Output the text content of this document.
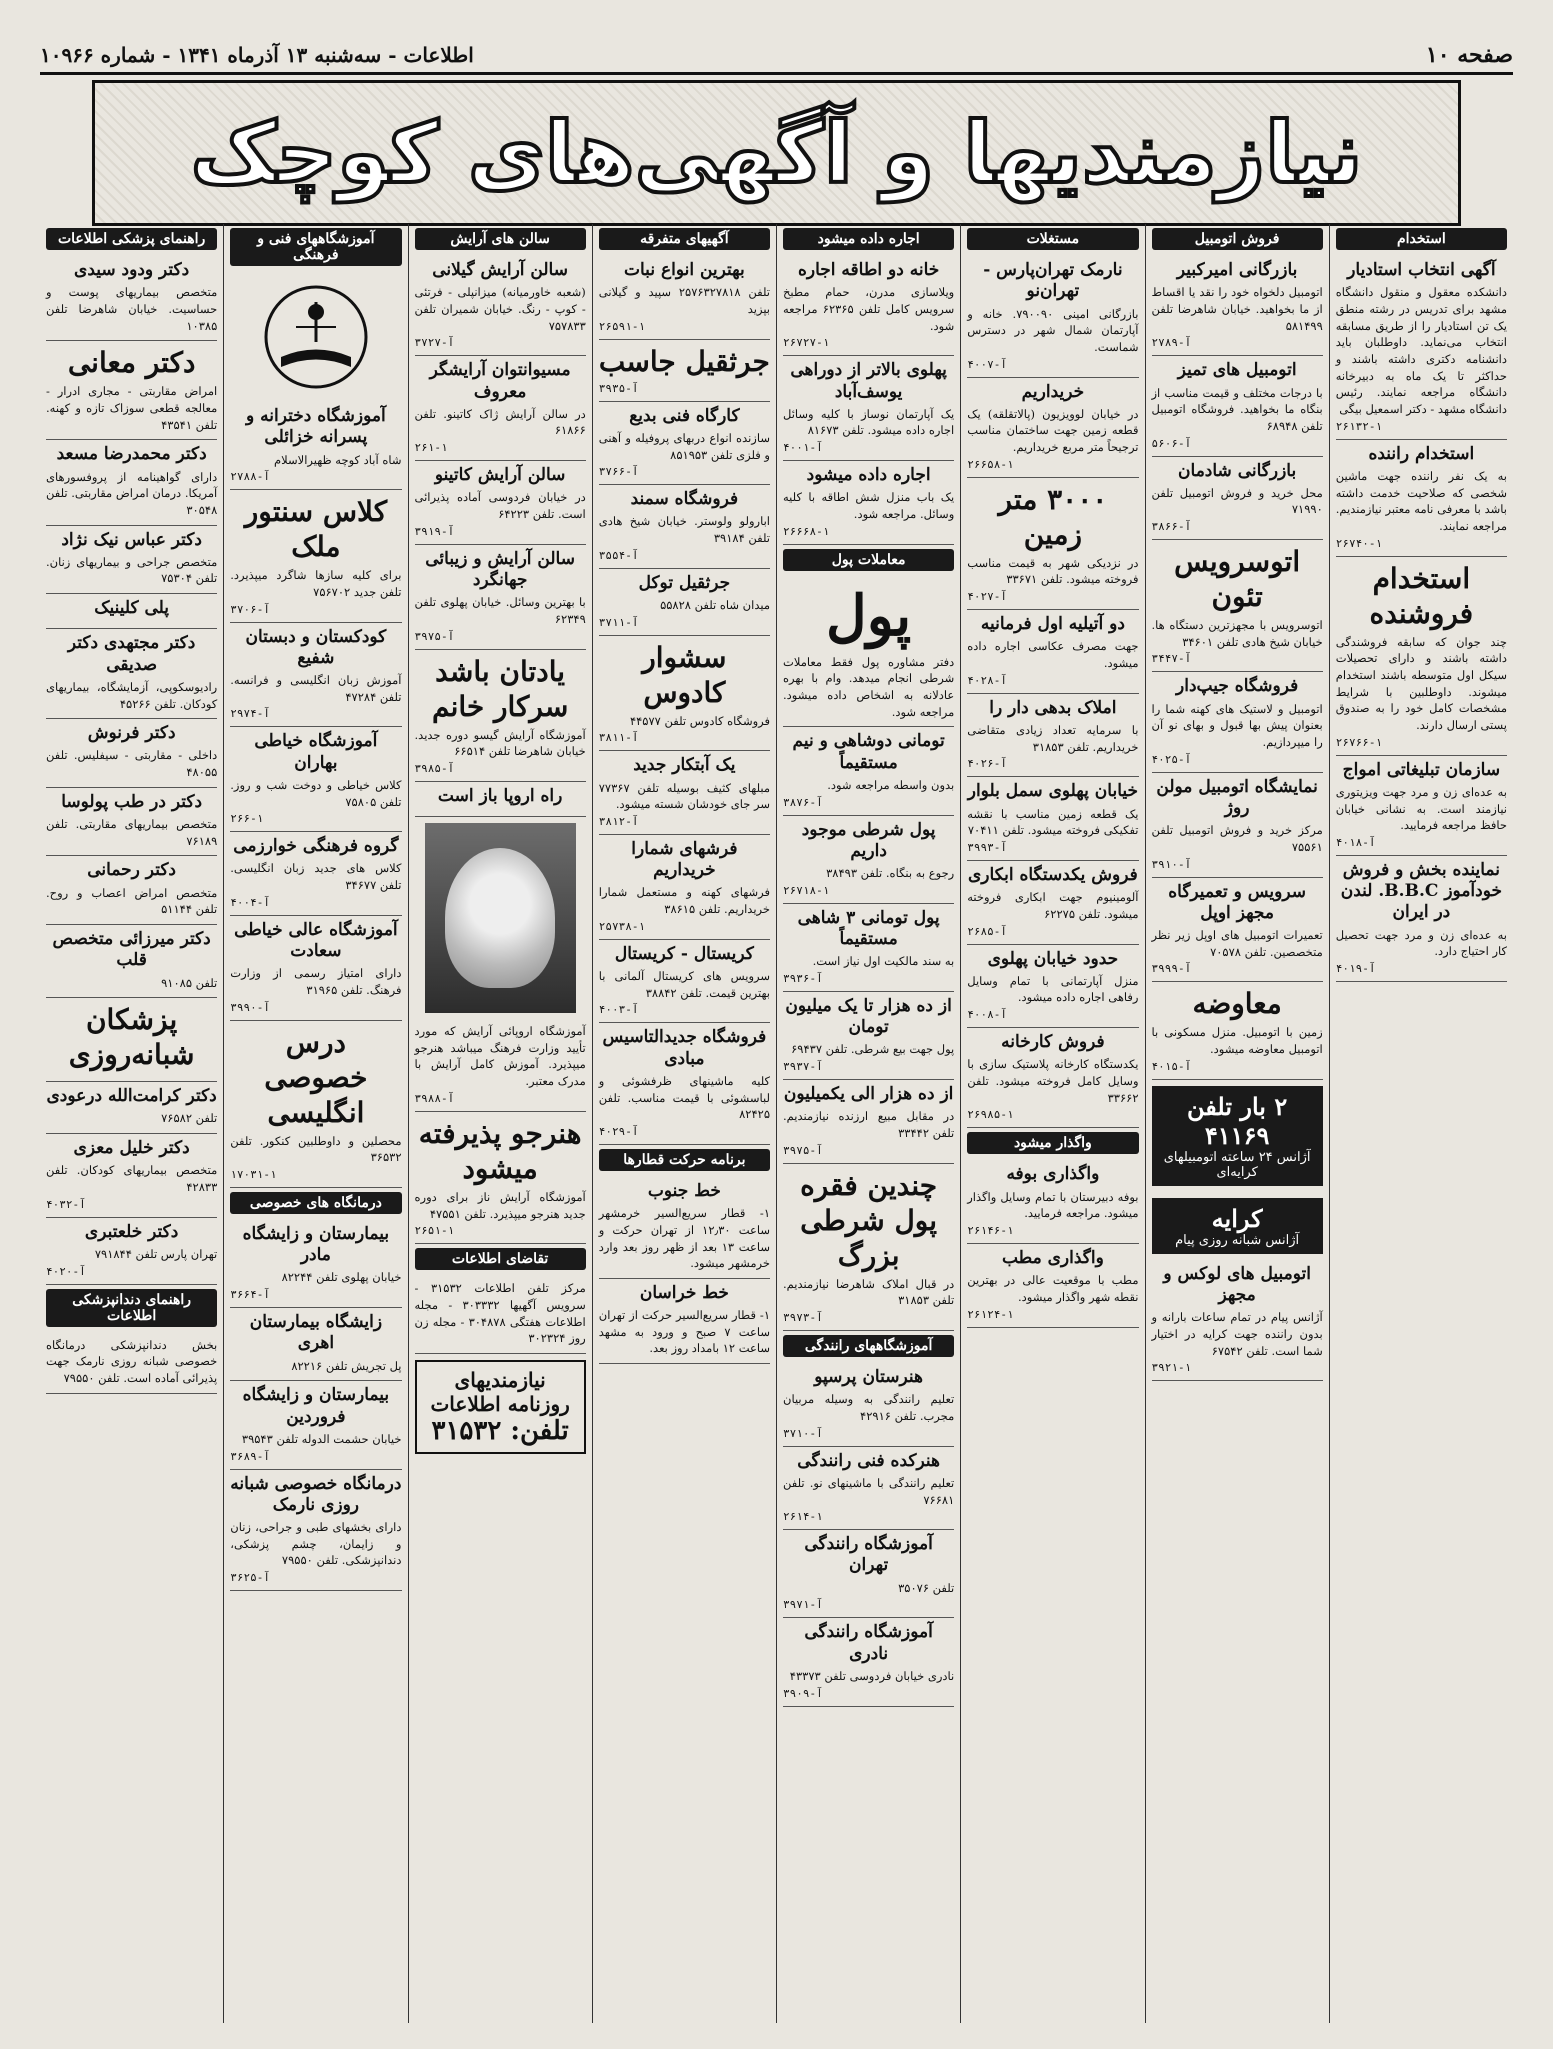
صفحه ۱۰
اطلاعات - سه‌شنبه ۱۳ آذرماه ۱۳۴۱ - شماره ۱۰۹۶۶
نیازمندیها و آگهی‌های کوچک
استخدام
آگهی انتخاب استادیار

دانشکده معقول و منقول دانشگاه مشهد برای تدریس در رشته منطق یک تن استادیار را از طریق مسابقه انتخاب می‌نماید. داوطلبان باید دانشنامه دکتری داشته باشند و حداکثر تا یک ماه به دبیرخانه دانشگاه مراجعه نمایند. رئیس دانشگاه مشهد - دکتر اسمعیل بیگی

۲۶۱۳۲-۱
استخدام راننده

به یک نفر راننده جهت ماشین شخصی که صلاحیت خدمت داشته باشد با معرفی نامه معتبر نیازمندیم. مراجعه نمایند.

۲۶۷۴۰-۱
استخدام فروشنده

چند جوان که سابقه فروشندگی داشته باشند و دارای تحصیلات سیکل اول متوسطه باشند استخدام میشوند. داوطلبین با شرایط مشخصات کامل خود را به صندوق پستی ارسال دارند.

۲۶۷۶۶-۱
سازمان تبلیغاتی امواج

به عده‌ای زن و مرد جهت ویزیتوری نیازمند است. به نشانی خیابان حافظ مراجعه فرمایید.

۴۰۱۸-آ
نماینده بخش و فروش خودآموز B.B.C. لندن در ایران

به عده‌ای زن و مرد جهت تحصیل کار احتیاج دارد.

۴۰۱۹-آ
فروش اتومبیل
بازرگانی امیرکبیر

اتومبیل دلخواه خود را نقد یا اقساط از ما بخواهید. خیابان شاهرضا تلفن ۵۸۱۴۹۹

۲۷۸۹-آ
اتومبیل های تمیز

با درجات مختلف و قیمت مناسب از بنگاه ما بخواهید. فروشگاه اتومبیل تلفن ۶۸۹۴۸

۵۶۰۶-آ
بازرگانی شادمان

محل خرید و فروش اتومبیل تلفن ۷۱۹۹۰

۳۸۶۶-آ
اتوسرویس تئون

اتوسرویس با مجهزترین دستگاه ها. خیابان شیخ هادی تلفن ۳۴۶۰۱

۳۴۴۷-آ
فروشگاه جیپ‌دار

اتومبیل و لاستیک های کهنه شما را بعنوان پیش بها قبول و بهای نو آن را میپردازیم.

۴۰۲۵-آ
نمایشگاه اتومبیل مولن روژ

مرکز خرید و فروش اتومبیل تلفن ۷۵۵۶۱

۳۹۱۰-آ
سرویس و تعمیرگاه مجهز اوپل

تعمیرات اتومبیل های اوپل زیر نظر متخصصین. تلفن ۷۰۵۷۸

۳۹۹۹-آ
معاوضه

زمین با اتومبیل. منزل مسکونی با اتومبیل معاوضه میشود.

۴۰۱۵-آ
۲ بار تلفن ۴۱۱۶۹
آژانس ۲۴ ساعته اتومبیلهای کرایه‌ای
کرایه
آژانس شبانه روزی پیام
اتومبیل های لوکس و مجهز

آژانس پیام در تمام ساعات بارانه و بدون راننده جهت کرایه در اختیار شما است. تلفن ۶۷۵۴۲

۳۹۲۱-۱
مستغلات
نارمک تهران‌پارس - تهران‌نو

بازرگانی امینی ۷۹۰۰۹۰. خانه و آپارتمان شمال شهر در دسترس شماست.

۴۰۰۷-آ
خریداریم

در خیابان لوویزیون (پالاتقلقه) یک قطعه زمین جهت ساختمان مناسب ترجیحاً متر مربع خریداریم.

۲۶۶۵۸-۱
۳۰۰۰ متر زمین

در نزدیکی شهر به قیمت مناسب فروخته میشود. تلفن ۳۳۶۷۱

۴۰۲۷-آ
دو آتیلیه اول فرمانیه

جهت مصرف عکاسی اجاره داده میشود.

۴۰۲۸-آ
املاک بدهی دار را

با سرمایه تعداد زیادی متقاضی خریداریم. تلفن ۳۱۸۵۳

۴۰۲۶-آ
خیابان پهلوی سمل بلوار

یک قطعه زمین مناسب با نقشه تفکیکی فروخته میشود. تلفن ۷۰۴۱۱

۳۹۹۳-آ
فروش یکدستگاه ابکاری

آلومینیوم جهت ابکاری فروخته میشود. تلفن ۶۲۲۷۵

۲۶۸۵-آ
حدود خیابان پهلوی

منزل آپارتمانی با تمام وسایل رفاهی اجاره داده میشود.

۴۰۰۸-آ
فروش کارخانه

یکدستگاه کارخانه پلاستیک سازی با وسایل کامل فروخته میشود. تلفن ۳۳۶۶۲

۲۶۹۸۵-۱
واگذار میشود
واگذاری بوفه

بوفه دبیرستان با تمام وسایل واگذار میشود. مراجعه فرمایید.

۲۶۱۴۶-۱
واگذاری مطب

مطب با موقعیت عالی در بهترین نقطه شهر واگذار میشود.

۲۶۱۲۴-۱
اجاره داده میشود
خانه دو اطاقه اجاره

ویلاسازی مدرن، حمام مطبخ سرویس کامل تلفن ۶۲۳۶۵ مراجعه شود.

۲۶۷۲۷-۱
پهلوی بالاتر از دوراهی یوسف‌آباد

یک آپارتمان نوساز با کلیه وسائل اجاره داده میشود. تلفن ۸۱۶۷۳

۴۰۰۱-آ
اجاره داده میشود

یک باب منزل شش اطاقه با کلیه وسائل. مراجعه شود.

۲۶۶۶۸-۱
معاملات پول
پول

دفتر مشاوره پول فقط معاملات شرطی انجام میدهد. وام با بهره عادلانه به اشخاص داده میشود. مراجعه شود.

تومانی دوشاهی و نیم مستقیماً

بدون واسطه مراجعه شود.

۳۸۷۶-آ
پول شرطی موجود داریم

رجوع به بنگاه. تلفن ۳۸۴۹۳

۲۶۷۱۸-۱
پول تومانی ۳ شاهی مستقیماً

به سند مالکیت اول نیاز است.

۳۹۳۶-آ
از ده هزار تا یک میلیون تومان

پول جهت بیع شرطی. تلفن ۶۹۴۳۷

۳۹۳۷-آ
از ده هزار الی یکمیلیون

در مقابل مبیع ارزنده نیازمندیم. تلفن ۳۳۴۴۲

۳۹۷۵-آ
چندین فقره پول شرطی بزرگ

در قبال املاک شاهرضا نیازمندیم. تلفن ۳۱۸۵۳

۳۹۷۳-آ
آموزشگاههای رانندگی
هنرستان پرسپو

تعلیم رانندگی به وسیله مربیان مجرب. تلفن ۴۲۹۱۶

۳۷۱۰-آ
هنرکده فنی رانندگی

تعلیم رانندگی با ماشینهای نو. تلفن ۷۶۶۸۱

۲۶۱۴-۱
آموزشگاه رانندگی تهران

تلفن ۳۵۰۷۶

۳۹۷۱-آ
آموزشگاه رانندگی نادری

نادری خیابان فردوسی تلفن ۴۳۳۷۳

۳۹۰۹-آ
آگهیهای متفرقه
بهترین انواع نبات

تلفن ۲۵۷۶۳۲۷۸۱۸ سپید و گیلانی بپزید

۲۶۵۹۱-۱
جرثقیل جاسب
۳۹۳۵-آ
کارگاه فنی بدیع

سازنده انواع دربهای پروفیله و آهنی و فلزی تلفن ۸۵۱۹۵۳

۳۷۶۶-آ
فروشگاه سمند

ابارولو ولوستر. خیابان شیخ هادی تلفن ۳۹۱۸۴

۳۵۵۴-آ
جرثقیل توکل

میدان شاه تلفن ۵۵۸۲۸

۳۷۱۱-آ
سشوار کادوس

فروشگاه کادوس تلفن ۴۴۵۷۷

۳۸۱۱-آ
یک آبتکار جدید

مبلهای کثیف بوسیله تلفن ۷۷۳۶۷ سر جای خودشان شسته میشود.

۳۸۱۲-آ
فرشهای شمارا خریداریم

فرشهای کهنه و مستعمل شمارا خریداریم. تلفن ۳۸۶۱۵

۲۵۷۳۸-۱
کریستال - کریستال

سرویس های کریستال آلمانی با بهترین قیمت. تلفن ۳۸۸۴۲

۴۰۰۳-آ
فروشگاه جدیدالتاسیس مبادی

کلیه ماشینهای ظرفشوئی و لباسشوئی با قیمت مناسب. تلفن ۸۲۴۲۵

۴۰۲۹-آ
برنامه حرکت قطارها
خط جنوب

۱- قطار سریع‌السیر خرمشهر ساعت ۱۲٫۳۰ از تهران حرکت و ساعت ۱۳ بعد از ظهر روز بعد وارد خرمشهر میشود.

خط خراسان

۱- قطار سریع‌السیر حرکت از تهران ساعت ۷ صبح و ورود به مشهد ساعت ۱۲ بامداد روز بعد.

سالن های آرایش
سالن آرایش گیلانی

(شعبه خاورمیانه) میزانپلی - فرتئی - کوپ - رنگ. خیابان شمیران تلفن ۷۵۷۸۳۳

۳۷۲۷-آ
مسیوانتوان آرایشگر معروف

در سالن آرایش ژاک کاتینو. تلفن ۶۱۸۶۶

۲۶۱-۱
سالن آرایش کاتینو

در خیابان فردوسی آماده پذیرائی است. تلفن ۶۴۲۲۳

۳۹۱۹-آ
سالن آرایش و زیبائی جهانگرد

با بهترین وسائل. خیابان پهلوی تلفن ۶۲۳۴۹

۳۹۷۵-آ
یادتان باشد سرکار خانم

آموزشگاه آرایش گیسو دوره جدید. خیابان شاهرضا تلفن ۶۶۵۱۴

۳۹۸۵-آ
راه اروپا باز است

آموزشگاه اروپائی آرایش که مورد تأیید وزارت فرهنگ میباشد هنرجو میپذیرد. آموزش کامل آرایش با مدرک معتبر.

۳۹۸۸-آ
هنرجو پذیرفته میشود

آموزشگاه آرایش ناز برای دوره جدید هنرجو میپذیرد. تلفن ۴۷۵۵۱

۲۶۵۱-۱
تقاضای اطلاعات

مرکز تلفن اطلاعات ۳۱۵۳۲ - سرویس آگهیها ۳۰۳۳۳۲ - مجله اطلاعات هفتگی ۳۰۴۸۷۸ - مجله زن روز ۳۰۲۳۲۴

نیازمندیهای روزنامه اطلاعات
تلفن: ۳۱۵۳۲
آموزشگاههای فنی و فرهنگی
آموزشگاه دخترانه و پسرانه خزائلی

شاه آباد کوچه ظهیرالاسلام

۲۷۸۸-آ
کلاس سنتور ملک

برای کلیه سازها شاگرد میپذیرد. تلفن جدید ۷۵۶۷۰۲

۳۷۰۶-آ
کودکستان و دبستان شفیع

آموزش زبان انگلیسی و فرانسه. تلفن ۴۷۲۸۴

۲۹۷۴-آ
آموزشگاه خیاطی بهاران

کلاس خیاطی و دوخت شب و روز. تلفن ۷۵۸۰۵

۲۶۶-۱
گروه فرهنگی خوارزمی

کلاس های جدید زبان انگلیسی. تلفن ۳۴۶۷۷

۴۰۰۴-آ
آموزشگاه عالی خیاطی سعادت

دارای امتیاز رسمی از وزارت فرهنگ. تلفن ۳۱۹۶۵

۳۹۹۰-آ
درس خصوصی انگلیسی

محصلین و داوطلبین کنکور. تلفن ۳۶۵۳۲

۱۷۰۳۱-۱
درمانگاه های خصوصی
بیمارستان و زایشگاه مادر

خیابان پهلوی تلفن ۸۲۲۴۴

۳۶۶۴-آ
زایشگاه بیمارستان اهری

پل تجریش تلفن ۸۲۲۱۶

بیمارستان و زایشگاه فروردین

خیابان حشمت الدوله تلفن ۳۹۵۴۳

۳۶۸۹-آ
درمانگاه خصوصی شبانه روزی نارمک

دارای بخشهای طبی و جراحی، زنان و زایمان، چشم پزشکی، دندانپزشکی. تلفن ۷۹۵۵۰

۳۶۲۵-آ
راهنمای پزشکی اطلاعات
دکتر ودود سیدی

متخصص بیماریهای پوست و حساسیت. خیابان شاهرضا تلفن ۱۰۳۸۵

دکتر معانی

امراض مقاربتی - مجاری ادرار - معالجه قطعی سوزاک تازه و کهنه. تلفن ۴۳۵۴۱

دکتر محمدرضا مسعد

دارای گواهینامه از پروفسورهای آمریکا. درمان امراض مقاربتی. تلفن ۳۰۵۴۸

دکتر عباس نیک نژاد

متخصص جراحی و بیماریهای زنان. تلفن ۷۵۳۰۴

پلی کلینیک
دکتر مجتهدی دکتر صدیقی

رادیوسکوپی، آزمایشگاه، بیماریهای کودکان. تلفن ۴۵۲۶۶

دکتر فرنوش

داخلی - مقاربتی - سیفلیس. تلفن ۴۸۰۵۵

دکتر در طب پولوسا

متخصص بیماریهای مقاربتی. تلفن ۷۶۱۸۹

دکتر رحمانی

متخصص امراض اعصاب و روح. تلفن ۵۱۱۴۴

دکتر میرزائی متخصص قلب

تلفن ۹۱۰۸۵

پزشکان شبانه‌روزی
دکتر کرامت‌الله درعودی

تلفن ۷۶۵۸۲

دکتر خلیل معزی

متخصص بیماریهای کودکان. تلفن ۴۲۸۳۳

۴۰۳۲-آ
دکتر خلعتبری

تهران پارس تلفن ۷۹۱۸۴۴

۴۰۲۰-آ
راهنمای دندانپزشکی اطلاعات

بخش دندانپزشکی درمانگاه خصوصی شبانه روزی نارمک جهت پذیرائی آماده است. تلفن ۷۹۵۵۰
